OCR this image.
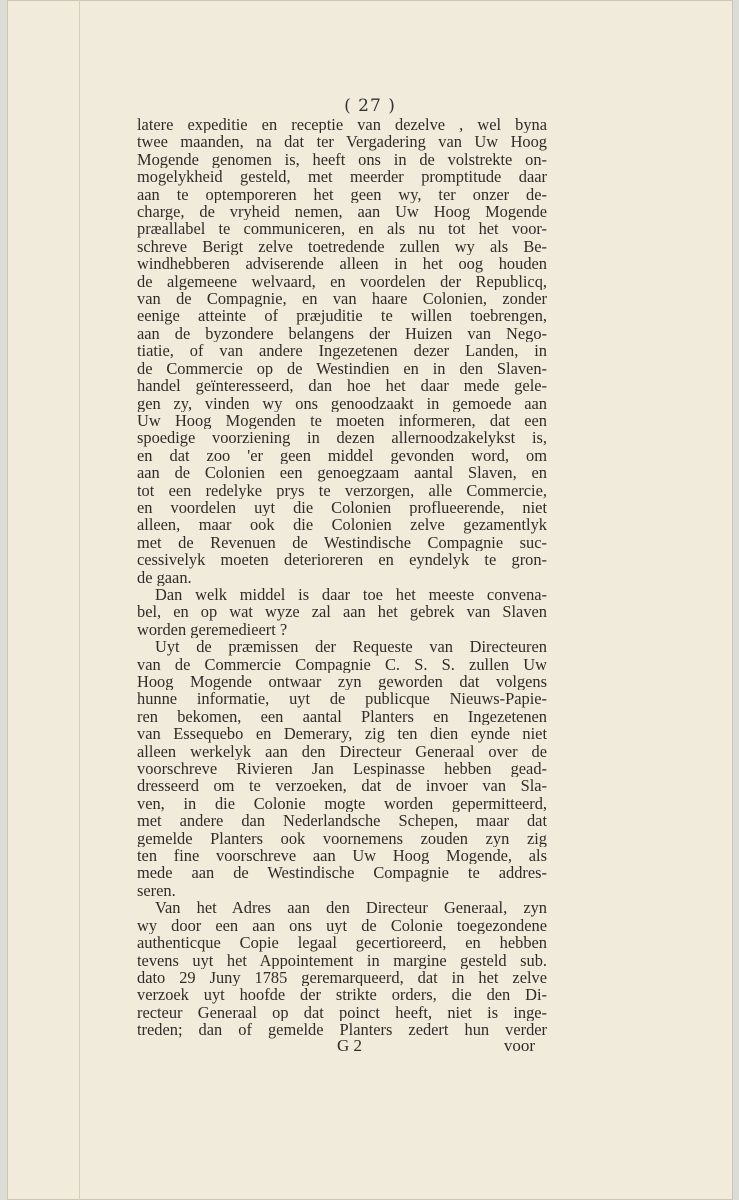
( 27 )
latere expeditie en receptie van dezelve , wel byna
twee maanden, na dat ter Vergadering van Uw Hoog
Mogende genomen is, heeft ons in de volstrekte on-
mogelykheid gesteld, met meerder promptitude daar
aan te optemporeren het geen wy, ter onzer de-
charge, de vryheid nemen, aan Uw Hoog Mogende
præallabel te communiceren, en als nu tot het voor-
schreve Berigt zelve toetredende zullen wy als Be-
windhebberen adviserende alleen in het oog houden
de algemeene welvaard, en voordelen der Republicq,
van de Compagnie, en van haare Colonien, zonder
eenige atteinte of præjuditie te willen toebrengen,
aan de byzondere belangens der Huizen van Nego-
tiatie, of van andere Ingezetenen dezer Landen, in
de Commercie op de Westindien en in den Slaven-
handel geïnteresseerd, dan hoe het daar mede gele-
gen zy, vinden wy ons genoodzaakt in gemoede aan
Uw Hoog Mogenden te moeten informeren, dat een
spoedige voorziening in dezen allernoodzakelykst is,
en dat zoo 'er geen middel gevonden word, om
aan de Colonien een genoegzaam aantal Slaven, en
tot een redelyke prys te verzorgen, alle Commercie,
en voordelen uyt die Colonien proflueerende, niet
alleen, maar ook die Colonien zelve gezamentlyk
met de Revenuen de Westindische Compagnie suc-
cessivelyk moeten deterioreren en eyndelyk te gron-
de gaan.
Dan welk middel is daar toe het meeste convena-
bel, en op wat wyze zal aan het gebrek van Slaven
worden geremedieert ?
Uyt de præmissen der Requeste van Directeuren
van de Commercie Compagnie C. S. S. zullen Uw
Hoog Mogende ontwaar zyn geworden dat volgens
hunne informatie, uyt de publicque Nieuws-Papie-
ren bekomen, een aantal Planters en Ingezetenen
van Essequebo en Demerary, zig ten dien eynde niet
alleen werkelyk aan den Directeur Generaal over de
voorschreve Rivieren Jan Lespinasse hebben gead-
dresseerd om te verzoeken, dat de invoer van Sla-
ven, in die Colonie mogte worden gepermitteerd,
met andere dan Nederlandsche Schepen, maar dat
gemelde Planters ook voornemens zouden zyn zig
ten fine voorschreve aan Uw Hoog Mogende, als
mede aan de Westindische Compagnie te addres-
seren.
Van het Adres aan den Directeur Generaal, zyn
wy door een aan ons uyt de Colonie toegezondene
authenticque Copie legaal gecertioreerd, en hebben
tevens uyt het Appointement in margine gesteld sub.
dato 29 Juny 1785 geremarqueerd, dat in het zelve
verzoek uyt hoofde der strikte orders, die den Di-
recteur Generaal op dat poinct heeft, niet is inge-
treden; dan of gemelde Planters zedert hun verder
G 2	voor
